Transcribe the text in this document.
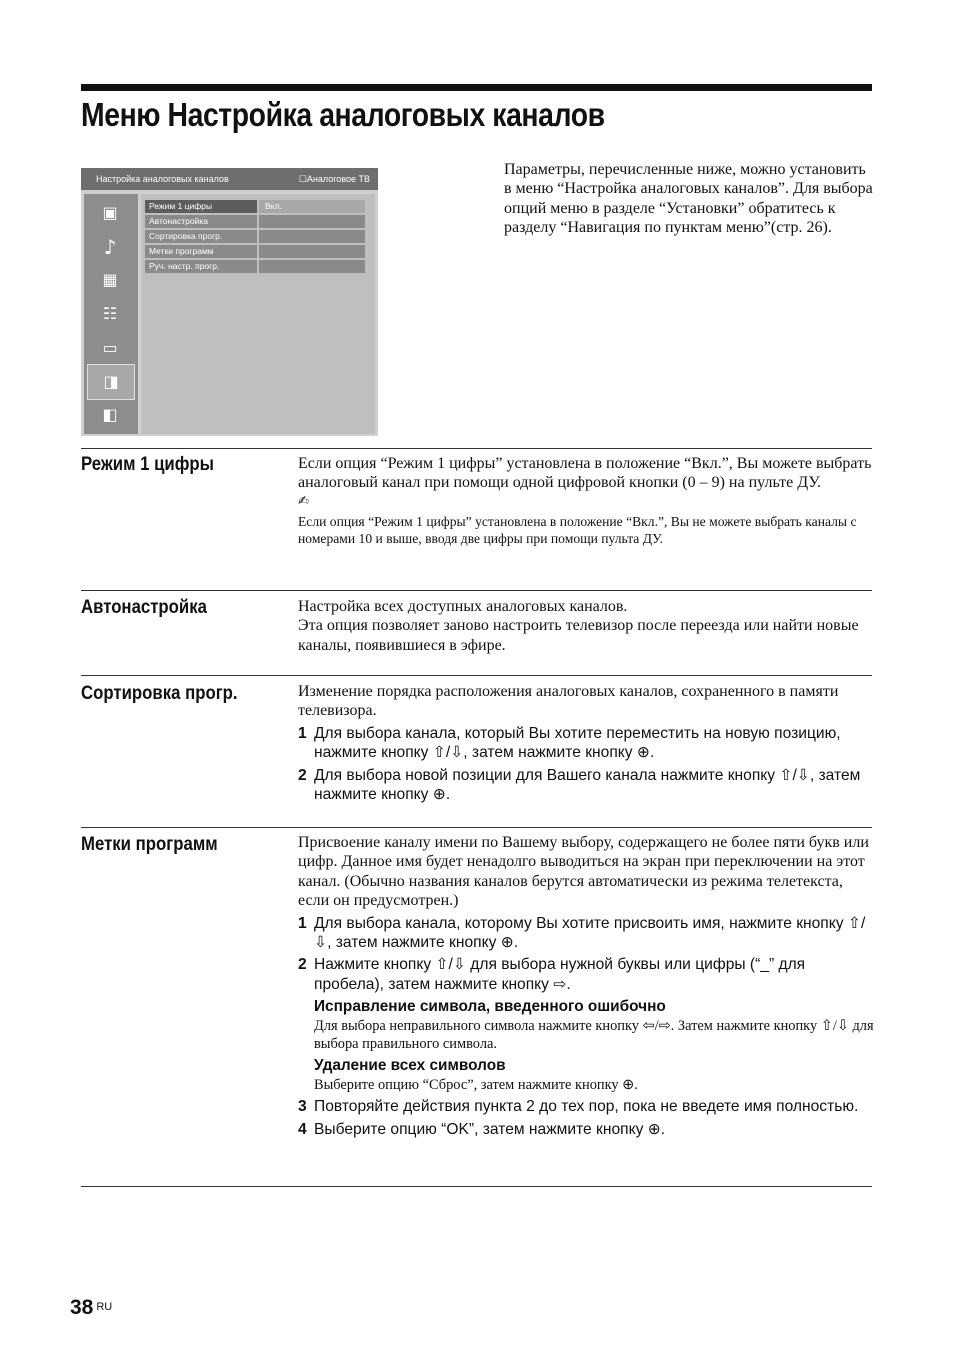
Меню Настройка аналоговых каналов
Настройка аналоговых каналов	☐Аналоговое ТВ
▣
♪
▦
☷
▭
◨
◧
Режим 1 цифры	Вкл.
Автонастройка
Сортировка прогр.
Метки программ
Руч. настр. прогр.
Параметры, перечисленные ниже, можно установить в меню “Настройка аналоговых каналов”. Для выбора опций меню в разделе “Установки” обратитесь к разделу “Навигация по пунктам меню”(стр. 26).
Режим 1 цифры	Если опция “Режим 1 цифры” установлена в положение “Вкл.”, Вы можете выбрать аналоговый канал при помощи одной цифровой кнопки (0 – 9) на пульте ДУ.
✍
Если опция “Режим 1 цифры” установлена в положение “Вкл.”, Вы не можете выбрать каналы с номерами 10 и выше, вводя две цифры при помощи пульта ДУ.
Автонастройка	Настройка всех доступных аналоговых каналов.
Эта опция позволяет заново настроить телевизор после переезда или найти новые каналы, появившиеся в эфире.
Сортировка прогр.	Изменение порядка расположения аналоговых каналов, сохраненного в памяти телевизора.
1 Для выбора канала, который Вы хотите переместить на новую позицию, нажмите кнопку ⇧/⇩, затем нажмите кнопку ⊕.
2 Для выбора новой позиции для Вашего канала нажмите кнопку ⇧/⇩, затем нажмите кнопку ⊕.
Метки программ	Присвоение каналу имени по Вашему выбору, содержащего не более пяти букв или цифр. Данное имя будет ненадолго выводиться на экран при переключении на этот канал. (Обычно названия каналов берутся автоматически из режима телетекста, если он предусмотрен.)
1 Для выбора канала, которому Вы хотите присвоить имя, нажмите кнопку ⇧/⇩, затем нажмите кнопку ⊕.
2 Нажмите кнопку ⇧/⇩ для выбора нужной буквы или цифры (“_” для пробела), затем нажмите кнопку ⇨.
Исправление символа, введенного ошибочно
Для выбора неправильного символа нажмите кнопку ⇦/⇨. Затем нажмите кнопку ⇧/⇩ для выбора правильного символа.
Удаление всех символов
Выберите опцию “Сброс”, затем нажмите кнопку ⊕.
3 Повторяйте действия пункта 2 до тех пор, пока не введете имя полностью.
4 Выберите опцию “OK”, затем нажмите кнопку ⊕.
38 $^{RU}$
